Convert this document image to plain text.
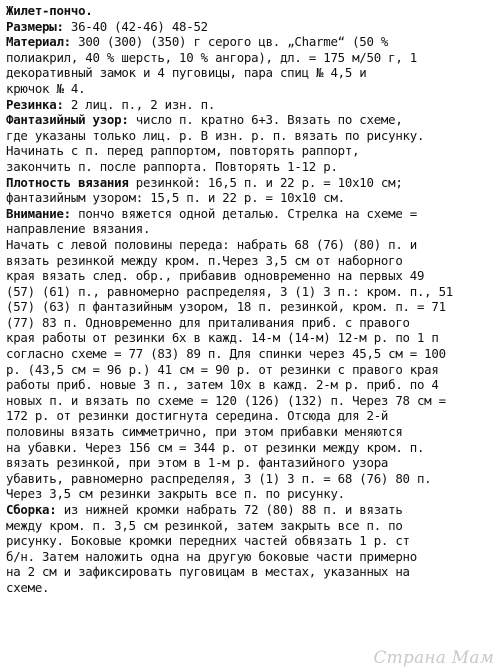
Жилет-пончо.
Размеры: 36-40 (42-46) 48-52
Материал: 300 (300) (350) г серого цв. „Charme“ (50 %
полиакрил, 40 % шерсть, 10 % ангора), дл. = 175 м/50 г, 1
декоративный замок и 4 пуговицы, пара спиц № 4,5 и
крючок № 4.
Резинка: 2 лиц. п., 2 изн. п.
Фантазийный узор: число п. кратно 6+3. Вязать по схеме,
где указаны только лиц. р. В изн. р. п. вязать по рисунку.
Начинать с п. перед раппортом, повторять раппорт,
закончить п. после раппорта. Повторять 1-12 р.
Плотность вязания резинкой: 16,5 п. и 22 р. = 10x10 см;
фантазийным узором: 15,5 п. и 22 р. = 10x10 см.
Внимание: пончо вяжется одной деталью. Стрелка на схеме =
направление вязания.
Начать с левой половины переда: набрать 68 (76) (80) п. и
вязать резинкой между кром. п.Через 3,5 см от наборного
края вязать след. обр., прибавив одновременно на первых 49
(57) (61) п., равномерно распределяя, 3 (1) 3 п.: кром. п., 51
(57) (63) п фантазийным узором, 18 п. резинкой, кром. п. = 71
(77) 83 п. Одновременно для приталивания приб. с правого
края работы от резинки 6х в кажд. 14-м (14-м) 12-м р. по 1 п
согласно схеме = 77 (83) 89 п. Для спинки через 45,5 см = 100
р. (43,5 см = 96 р.) 41 см = 90 р. от резинки с правого края
работы приб. новые 3 п., затем 10х в кажд. 2-м р. приб. по 4
новых п. и вязать по схеме = 120 (126) (132) п. Через 78 см =
172 р. от резинки достигнута середина. Отсюда для 2-й
половины вязать симметрично, при этом прибавки меняются
на убавки. Через 156 см = 344 р. от резинки между кром. п.
вязать резинкой, при этом в 1-м р. фантазийного узора
убавить, равномерно распределяя, 3 (1) 3 п. = 68 (76) 80 п.
Через 3,5 см резинки закрыть все п. по рисунку.
Сборка: из нижней кромки набрать 72 (80) 88 п. и вязать
между кром. п. 3,5 см резинкой, затем закрыть все п. по
рисунку. Боковые кромки передних частей обвязать 1 р. ст
б/н. Затем наложить одна на другую боковые части примерно
на 2 см и зафиксировать пуговицам в местах, указанных на
схеме.
Страна Мам
